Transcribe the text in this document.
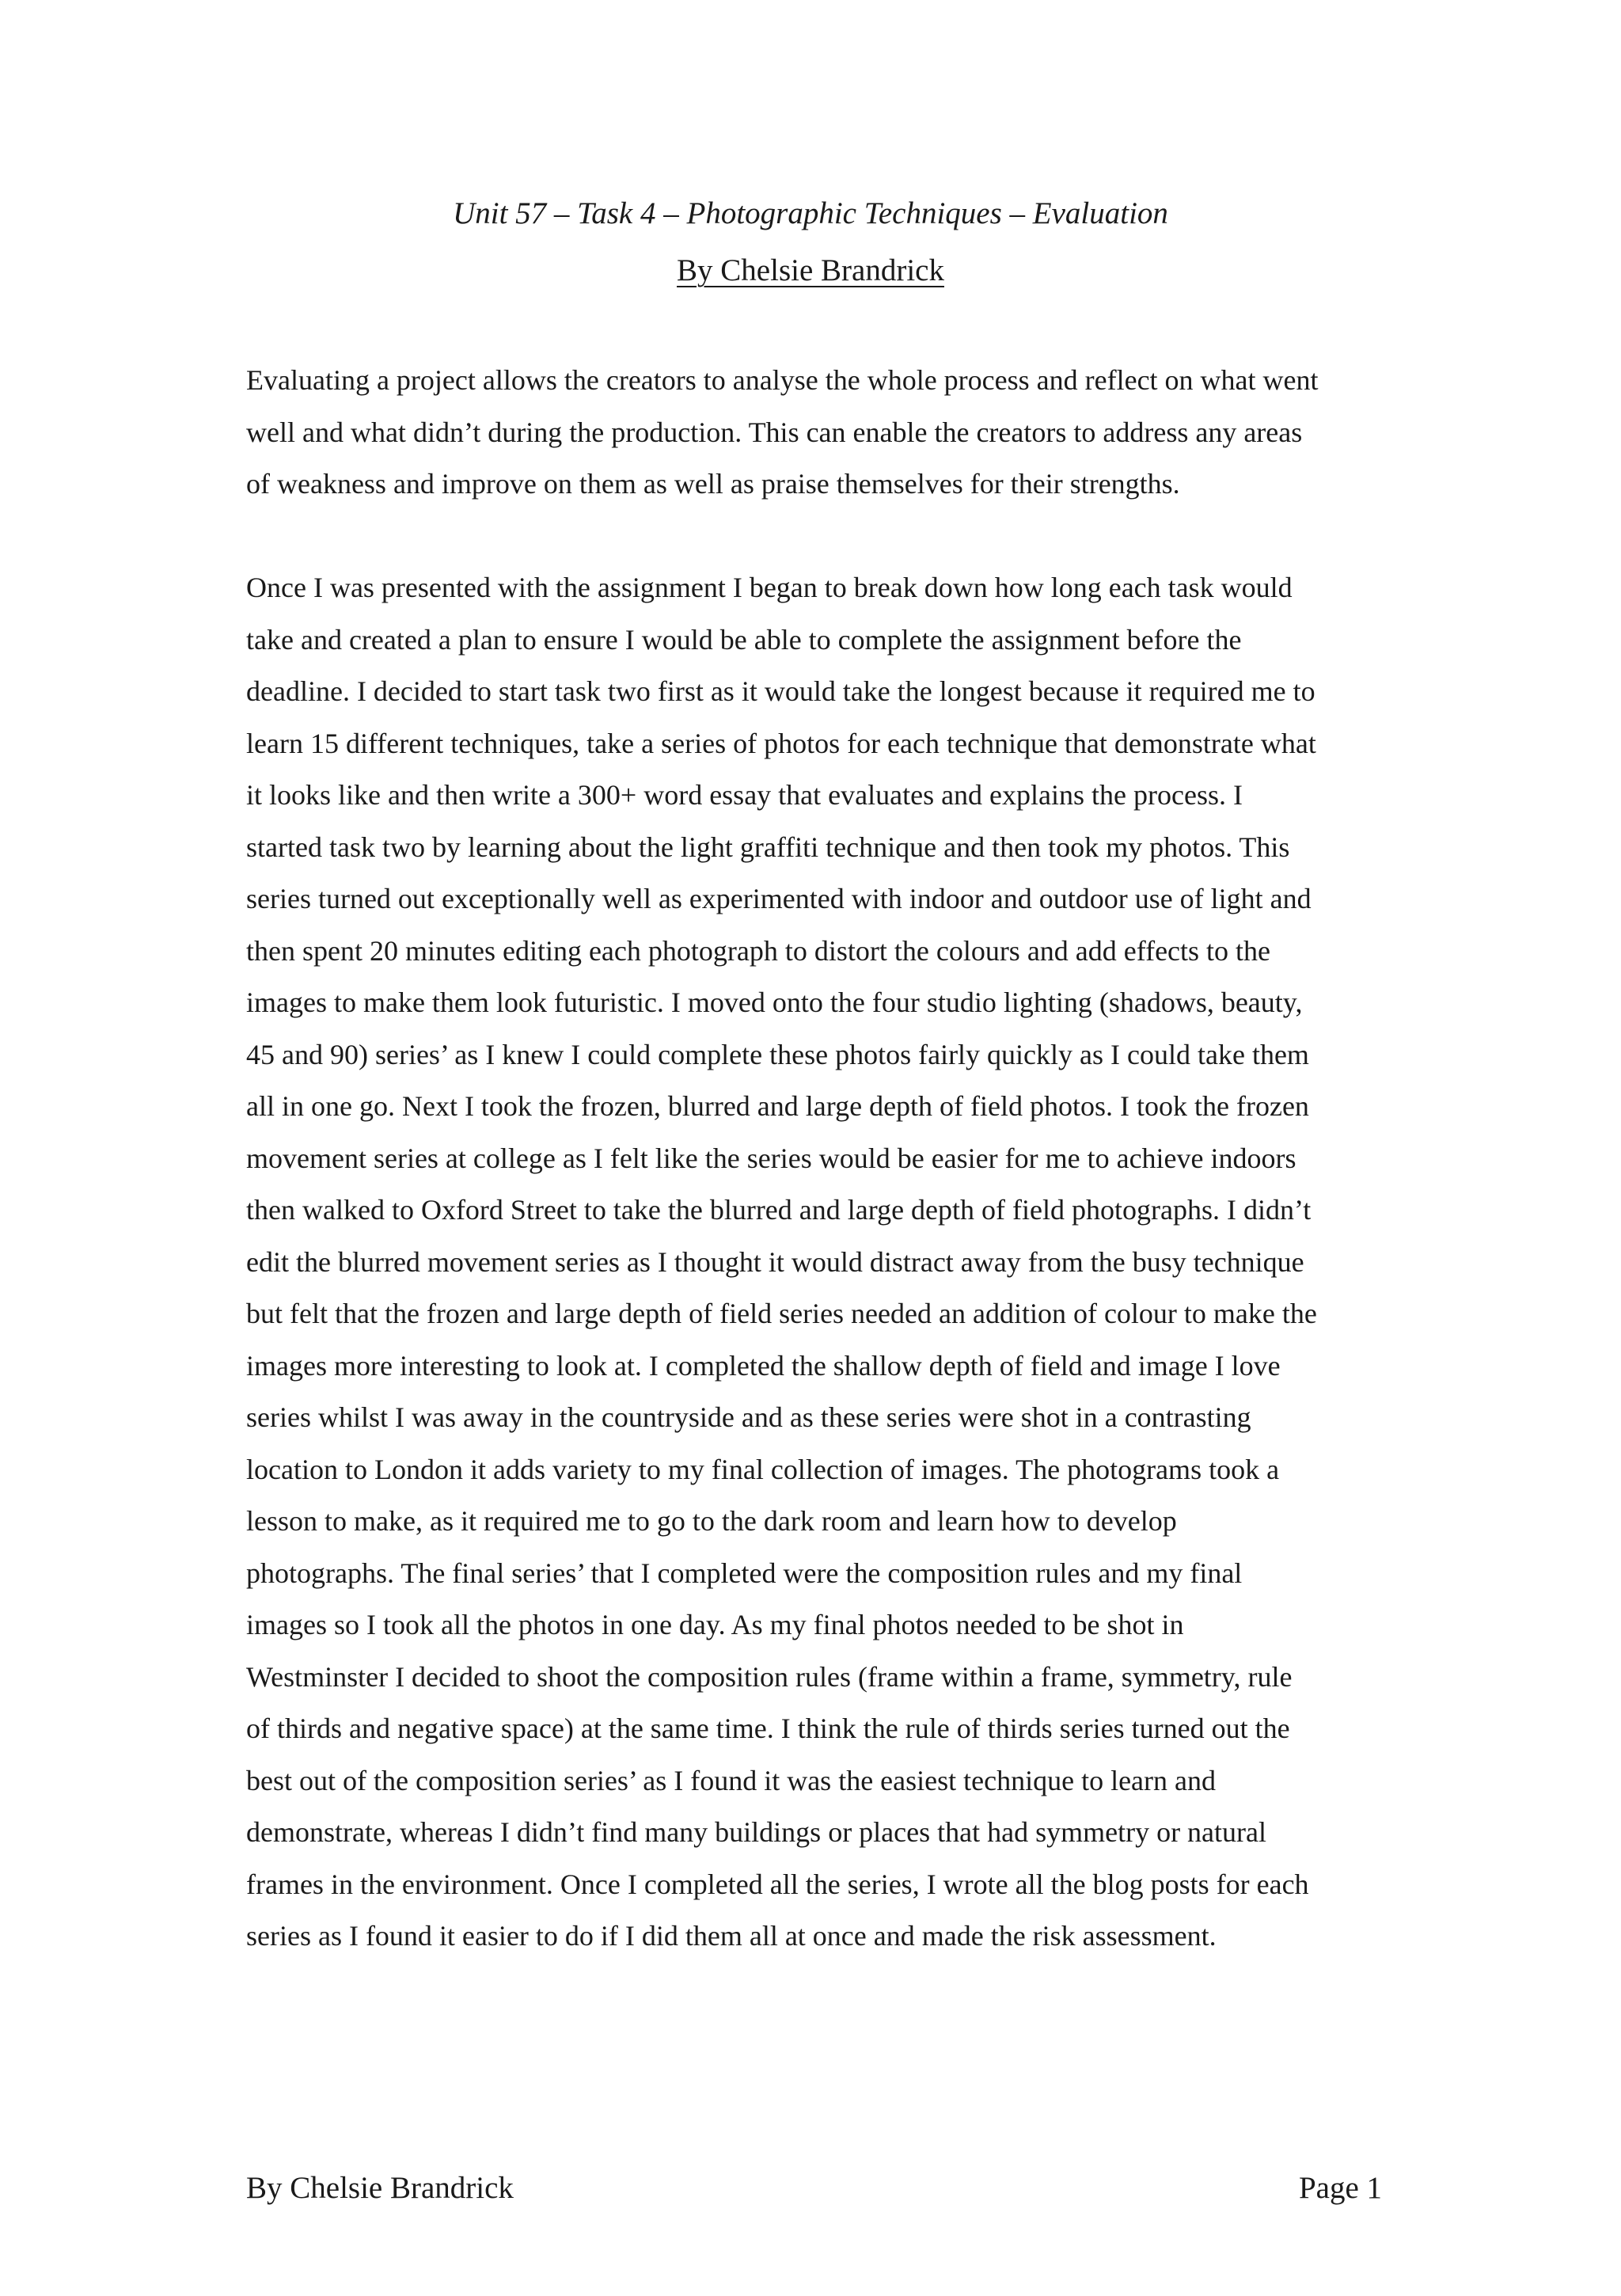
Unit 57 – Task 4 – Photographic Techniques – Evaluation
By Chelsie Brandrick
Evaluating a project allows the creators to analyse the whole process and reflect on what went
well and what didn’t during the production. This can enable the creators to address any areas
of weakness and improve on them as well as praise themselves for their strengths.
Once I was presented with the assignment I began to break down how long each task would
take and created a plan to ensure I would be able to complete the assignment before the
deadline. I decided to start task two first as it would take the longest because it required me to
learn 15 different techniques, take a series of photos for each technique that demonstrate what
it looks like and then write a 300+ word essay that evaluates and explains the process. I
started task two by learning about the light graffiti technique and then took my photos. This
series turned out exceptionally well as experimented with indoor and outdoor use of light and
then spent 20 minutes editing each photograph to distort the colours and add effects to the
images to make them look futuristic. I moved onto the four studio lighting (shadows, beauty,
45 and 90) series’ as I knew I could complete these photos fairly quickly as I could take them
all in one go. Next I took the frozen, blurred and large depth of field photos. I took the frozen
movement series at college as I felt like the series would be easier for me to achieve indoors
then walked to Oxford Street to take the blurred and large depth of field photographs. I didn’t
edit the blurred movement series as I thought it would distract away from the busy technique
but felt that the frozen and large depth of field series needed an addition of colour to make the
images more interesting to look at. I completed the shallow depth of field and image I love
series whilst I was away in the countryside and as these series were shot in a contrasting
location to London it adds variety to my final collection of images. The photograms took a
lesson to make, as it required me to go to the dark room and learn how to develop
photographs. The final series’ that I completed were the composition rules and my final
images so I took all the photos in one day. As my final photos needed to be shot in
Westminster I decided to shoot the composition rules (frame within a frame, symmetry, rule
of thirds and negative space) at the same time. I think the rule of thirds series turned out the
best out of the composition series’ as I found it was the easiest technique to learn and
demonstrate, whereas I didn’t find many buildings or places that had symmetry or natural
frames in the environment. Once I completed all the series, I wrote all the blog posts for each
series as I found it easier to do if I did them all at once and made the risk assessment.
By Chelsie Brandrick	Page 1
